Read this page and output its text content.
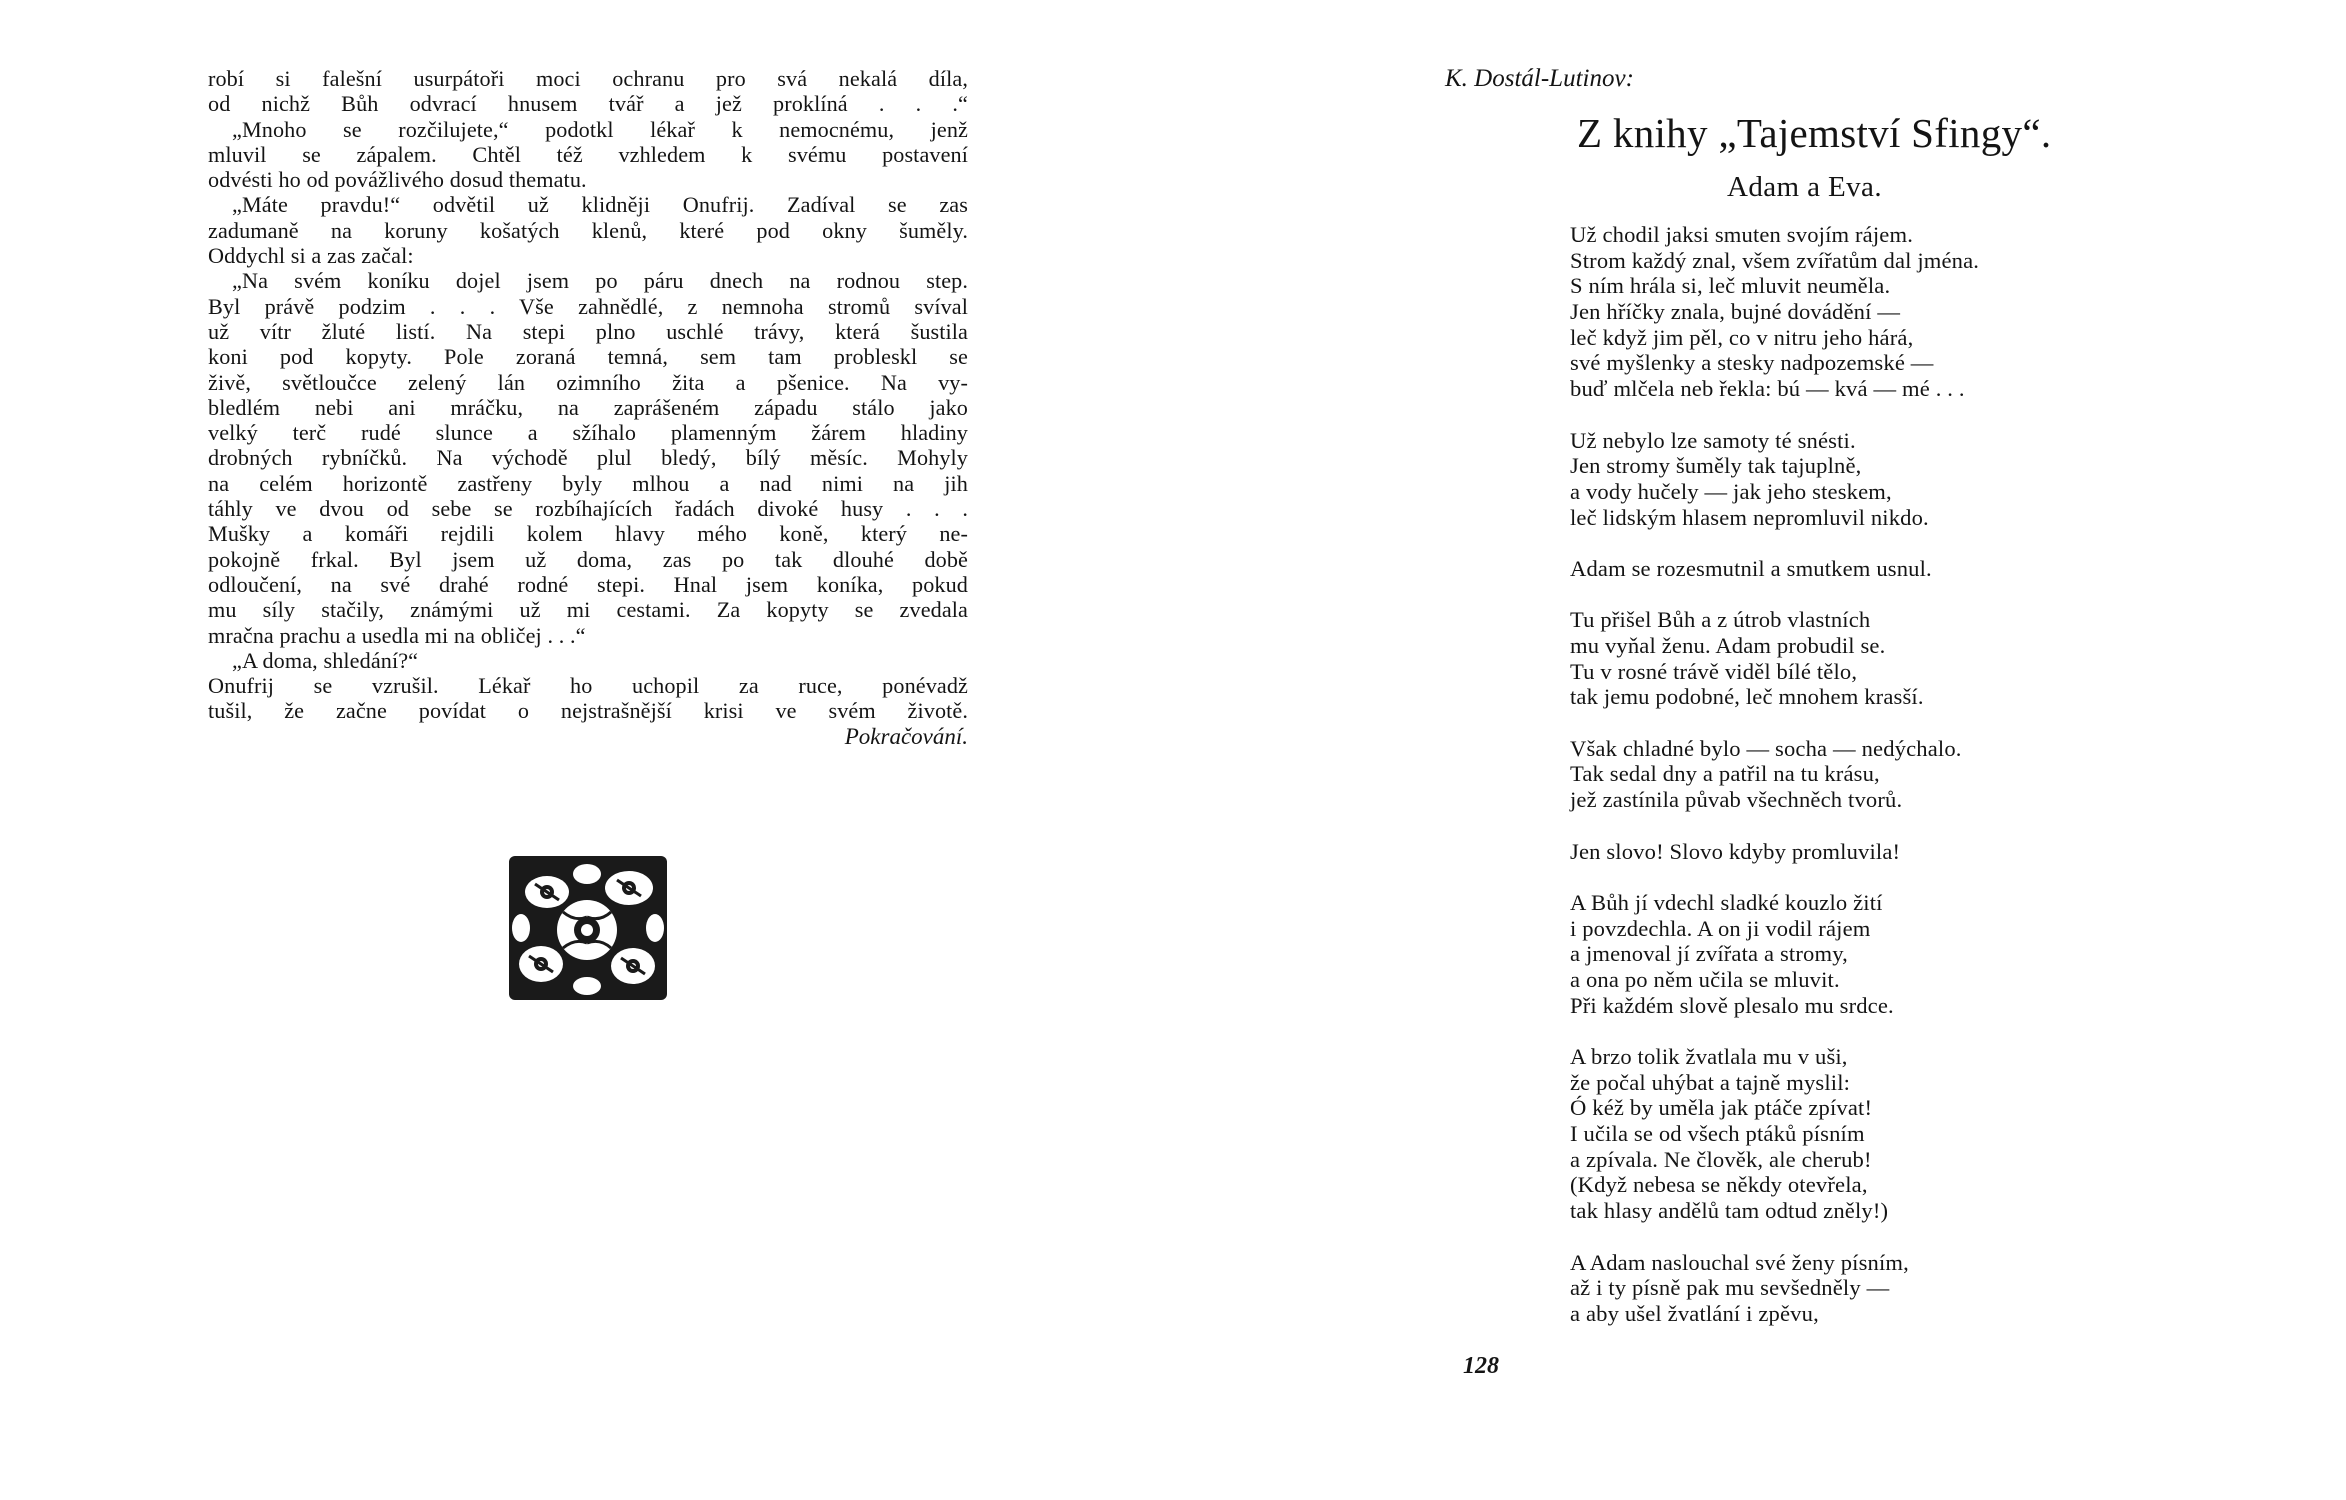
robí si falešní usurpátoři moci ochranu pro svá nekalá díla,
od nichž Bůh odvrací hnusem tvář a jež proklíná . . .“
„Mnoho se rozčilujete,“ podotkl lékař k nemocnému, jenž
mluvil se zápalem. Chtěl též vzhledem k svému postavení
odvésti ho od povážlivého dosud thematu.
„Máte pravdu!“ odvětil už klidněji Onufrij. Zadíval se zas
zadumaně na koruny košatých klenů, které pod okny šuměly.
Oddychl si a zas začal:
„Na svém koníku dojel jsem po páru dnech na rodnou step.
Byl právě podzim . . . Vše zahnědlé, z nemnoha stromů svíval
už vítr žluté listí. Na stepi plno uschlé trávy, která šustila
koni pod kopyty. Pole zoraná temná, sem tam probleskl se
živě, světloučce zelený lán ozimního žita a pšenice. Na vy-
bledlém nebi ani mráčku, na zaprášeném západu stálo jako
velký terč rudé slunce a sžíhalo plamenným žárem hladiny
drobných rybníčků. Na východě plul bledý, bílý měsíc. Mohyly
na celém horizontě zastřeny byly mlhou a nad nimi na jih
táhly ve dvou od sebe se rozbíhajících řadách divoké husy . . .
Mušky a komáři rejdili kolem hlavy mého koně, který ne-
pokojně frkal. Byl jsem už doma, zas po tak dlouhé době
odloučení, na své drahé rodné stepi. Hnal jsem koníka, pokud
mu síly stačily, známými už mi cestami. Za kopyty se zvedala
mračna prachu a usedla mi na obličej . . .“
„A doma, shledání?“
Onufrij se vzrušil. Lékař ho uchopil za ruce, ponévadž
tušil, že začne povídat o nejstrašnější krisi ve svém životě.
Pokračování.
K. Dostál-Lutinov:
Z knihy „Tajemství Sfingy“.
Adam a Eva.
Už chodil jaksi smuten svojím rájem.
Strom každý znal, všem zvířatům dal jména.
S ním hrála si, leč mluvit neuměla.
Jen hříčky znala, bujné dovádění —
leč když jim pěl, co v nitru jeho hárá,
své myšlenky a stesky nadpozemské —
buď mlčela neb řekla: bú — kvá — mé . . .
Už nebylo lze samoty té snésti.
Jen stromy šuměly tak tajuplně,
a vody hučely — jak jeho steskem,
leč lidským hlasem nepromluvil nikdo.
Adam se rozesmutnil a smutkem usnul.
Tu přišel Bůh a z útrob vlastních
mu vyňal ženu. Adam probudil se.
Tu v rosné trávě viděl bílé tělo,
tak jemu podobné, leč mnohem krasší.
Však chladné bylo — socha — nedýchalo.
Tak sedal dny a patřil na tu krásu,
jež zastínila půvab všechněch tvorů.
Jen slovo! Slovo kdyby promluvila!
A Bůh jí vdechl sladké kouzlo žití
i povzdechla. A on ji vodil rájem
a jmenoval jí zvířata a stromy,
a ona po něm učila se mluvit.
Při každém slově plesalo mu srdce.
A brzo tolik žvatlala mu v uši,
že počal uhýbat a tajně myslil:
Ó kéž by uměla jak ptáče zpívat!
I učila se od všech ptáků písním
a zpívala. Ne člověk, ale cherub!
(Když nebesa se někdy otevřela,
tak hlasy andělů tam odtud zněly!)
A Adam naslouchal své ženy písním,
až i ty písně pak mu sevšedněly —
a aby ušel žvatlání i zpěvu,
128
